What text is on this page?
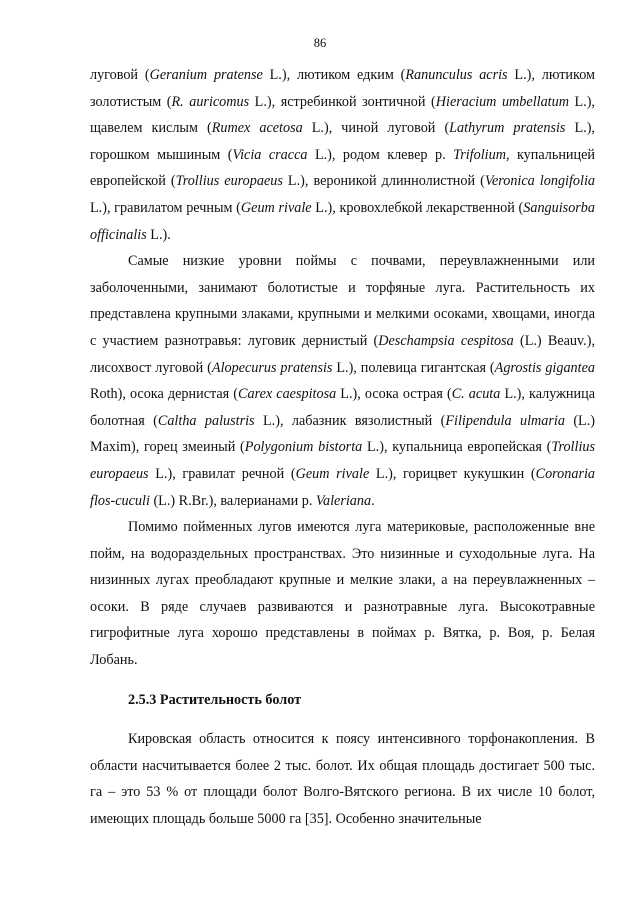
86

луговой (Geranium pratense L.), лютиком едким (Ranunculus acris L.), лютиком золотистым (R. auricomus L.), ястребинкой зонтичной (Hieracium umbellatum L.), щавелем кислым (Rumex acetosa L.), чиной луговой (Lathyrum pratensis L.), горошком мышиным (Vicia cracca L.), родом клевер р. Trifolium, купальницей европейской (Trollius europaeus L.), вероникой длиннолистной (Veronica longifolia L.), гравилатом речным (Geum rivale L.), кровохлебкой лекарственной (Sanguisorba officinalis L.).

Самые низкие уровни поймы с почвами, переувлажненными или заболоченными, занимают болотистые и торфяные луга. Растительность их представлена крупными злаками, крупными и мелкими осоками, хвощами, иногда с участием разнотравья: луговик дернистый (Deschampsia cespitosa (L.) Beauv.), лисохвост луговой (Alopecurus pratensis L.), полевица гигантская (Agrostis gigantea Roth), осока дернистая (Carex caespitosa L.), осока острая (C. acuta L.), калужница болотная (Caltha palustris L.), лабазник вязолистный (Filipendula ulmaria (L.) Maxim), горец змеиный (Polygonium bistorta L.), купальница европейская (Trollius europaeus L.), гравилат речной (Geum rivale L.), горицвет кукушкин (Coronaria flos-cuculi (L.) R.Br.), валерианами р. Valeriana.

Помимо пойменных лугов имеются луга материковые, расположенные вне пойм, на водораздельных пространствах. Это низинные и суходольные луга. На низинных лугах преобладают крупные и мелкие злаки, а на переувлажненных – осоки. В ряде случаев развиваются и разнотравные луга. Высокотравные гигрофитные луга хорошо представлены в поймах р. Вятка, р. Воя, р. Белая Лобань.

2.5.3 Растительность болот

Кировская область относится к поясу интенсивного торфонакопления. В области насчитывается более 2 тыс. болот. Их общая площадь достигает 500 тыс. га – это 53 % от площади болот Волго-Вятского региона. В их числе 10 болот, имеющих площадь больше 5000 га [35]. Особенно значительные
